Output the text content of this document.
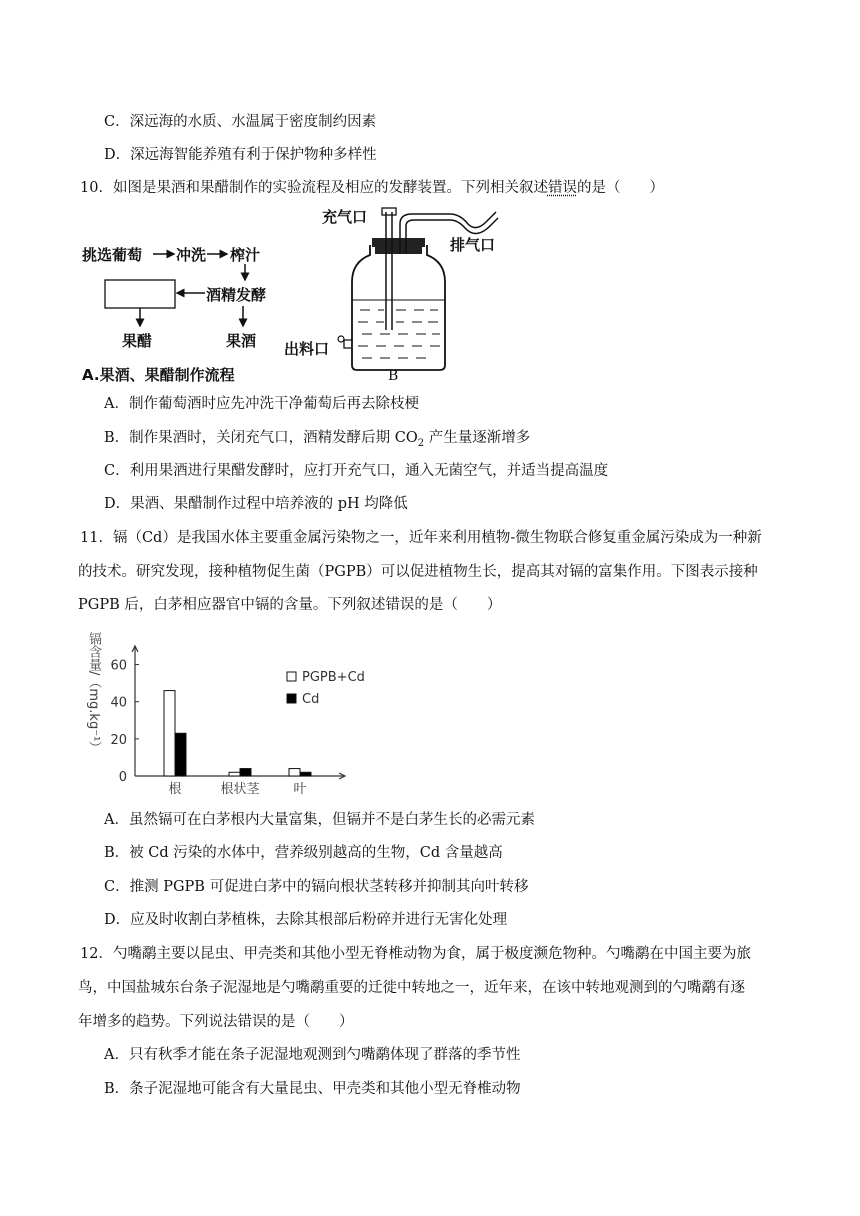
C．深远海的水质、水温属于密度制约因素
D．深远海智能养殖有利于保护物种多样性
10．如图是果酒和果醋制作的实验流程及相应的发酵装置。下列相关叙述错误的是（　　）
挑选葡萄 冲洗 榨汁
酒精发酵
果醋	果酒
A.果酒、果醋制作流程
充气口
排气口
出料口
B
A．制作葡萄酒时应先冲洗干净葡萄后再去除枝梗
B．制作果酒时，关闭充气口，酒精发酵后期 $CO_2$ 产生量逐渐增多
C．利用果酒进行果醋发酵时，应打开充气口，通入无菌空气，并适当提高温度
D．果酒、果醋制作过程中培养液的 pH 均降低
11．镉（Cd）是我国水体主要重金属污染物之一，近年来利用植物-微生物联合修复重金属污染成为一种新
的技术。研究发现，接种植物促生菌（PGPB）可以促进植物生长，提高其对镉的富集作用。下图表示接种
PGPB 后，白茅相应器官中镉的含量。下列叙述错误的是（　　）
镉含量/（mg.kg⁻¹）
0
20
40
60
根	根状茎	叶
PGPB+Cd
Cd
A．虽然镉可在白茅根内大量富集，但镉并不是白茅生长的必需元素
B．被 Cd 污染的水体中，营养级别越高的生物，Cd 含量越高
C．推测 PGPB 可促进白茅中的镉向根状茎转移并抑制其向叶转移
D．应及时收割白茅植株，去除其根部后粉碎并进行无害化处理
12．勺嘴鹬主要以昆虫、甲壳类和其他小型无脊椎动物为食，属于极度濒危物种。勺嘴鹬在中国主要为旅
鸟，中国盐城东台条子泥湿地是勺嘴鹬重要的迁徙中转地之一，近年来，在该中转地观测到的勺嘴鹬有逐
年增多的趋势。下列说法错误的是（　　）
A．只有秋季才能在条子泥湿地观测到勺嘴鹬体现了群落的季节性
B．条子泥湿地可能含有大量昆虫、甲壳类和其他小型无脊椎动物
